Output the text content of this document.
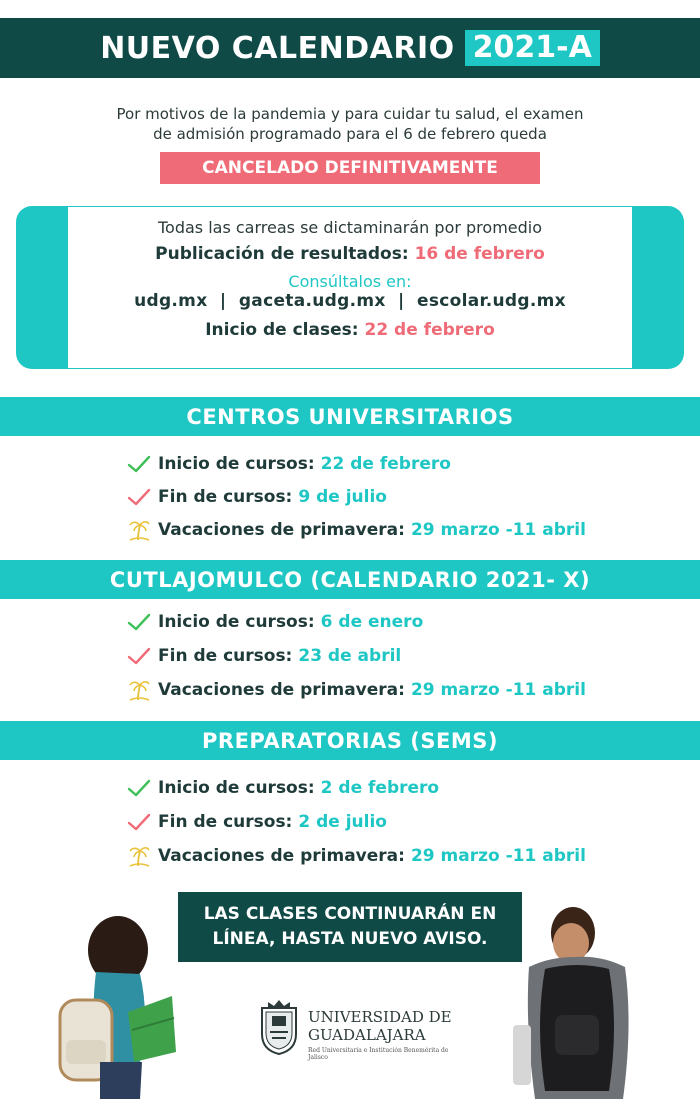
NUEVO CALENDARIO 2021-A
Por motivos de la pandemia y para cuidar tu salud, el examen
de admisión programado para el 6 de febrero queda
CANCELADO DEFINITIVAMENTE
Todas las carreas se dictaminarán por promedio
Publicación de resultados: 16 de febrero
Consúltalos en:
udg.mx  |  gaceta.udg.mx  |  escolar.udg.mx
Inicio de clases: 22 de febrero
CENTROS UNIVERSITARIOS
Inicio de cursos: 22 de febrero
Fin de cursos: 9 de julio
Vacaciones de primavera: 29 marzo -11 abril
CUTLAJOMULCO (CALENDARIO 2021- X)
Inicio de cursos: 6 de enero
Fin de cursos: 23 de abril
Vacaciones de primavera: 29 marzo -11 abril
PREPARATORIAS (SEMS)
Inicio de cursos: 2 de febrero
Fin de cursos: 2 de julio
Vacaciones de primavera: 29 marzo -11 abril
LAS CLASES CONTINUARÁN EN
LÍNEA, HASTA NUEVO AVISO.
UNIVERSIDAD DE
GUADALAJARA
Red Universitaria e Institución Benemérita de Jalisco
